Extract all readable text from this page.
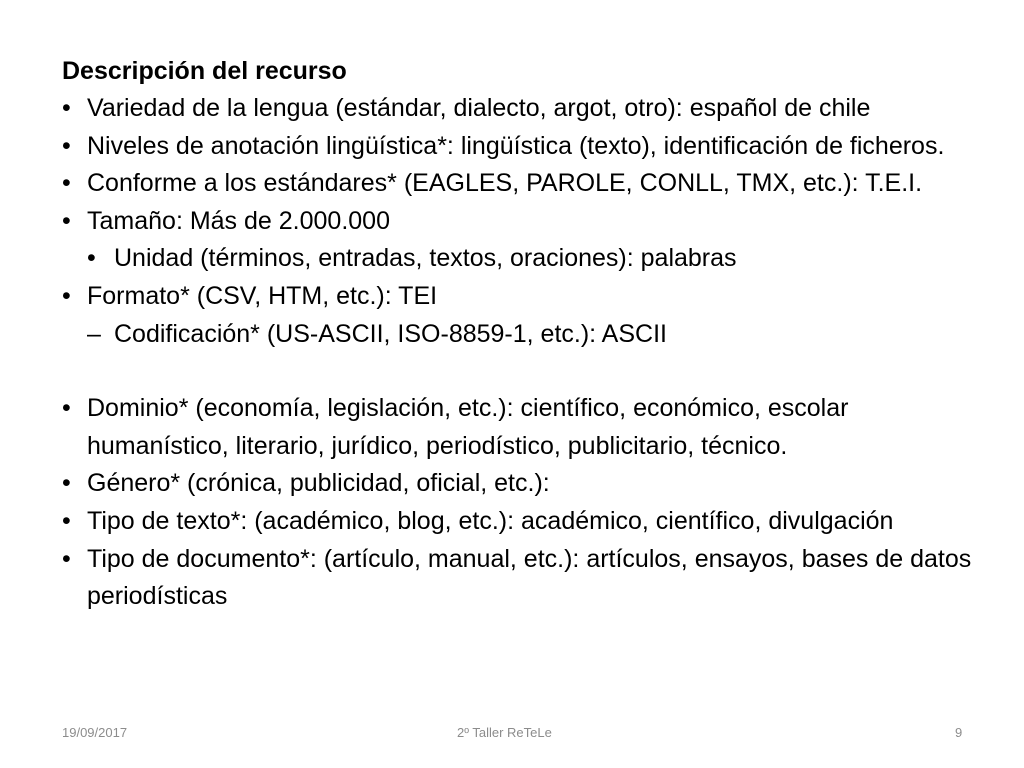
Descripción del recurso
• Variedad de la lengua (estándar, dialecto, argot, otro): español de chile
• Niveles de anotación lingüística*: lingüística (texto), identificación de ficheros.
• Conforme a los estándares* (EAGLES, PAROLE, CONLL, TMX, etc.): T.E.I.
• Tamaño: Más de 2.000.000
• Unidad (términos, entradas, textos, oraciones): palabras
• Formato* (CSV, HTM, etc.): TEI
– Codificación* (US-ASCII, ISO-8859-1, etc.): ASCII
• Dominio* (economía, legislación, etc.): científico, económico, escolar humanístico, literario, jurídico, periodístico, publicitario, técnico.
• Género* (crónica, publicidad, oficial, etc.):
• Tipo de texto*: (académico, blog, etc.): académico, científico, divulgación
• Tipo de documento*: (artículo, manual, etc.): artículos, ensayos, bases de datos periodísticas
19/09/2017	2º Taller ReTeLe	9
